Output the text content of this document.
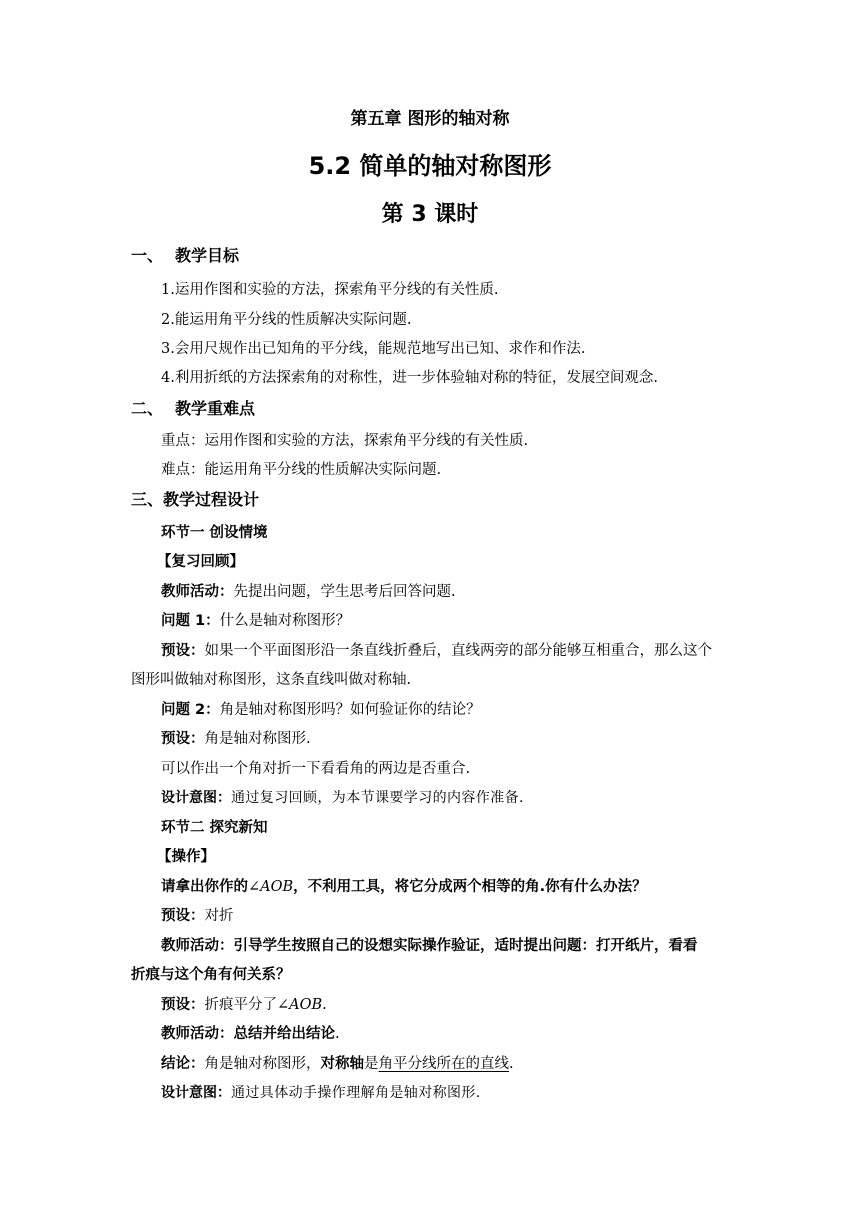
第五章 图形的轴对称
5.2 简单的轴对称图形
第 3 课时
一、 教学目标
1.运用作图和实验的方法，探索角平分线的有关性质.
2.能运用角平分线的性质解决实际问题.
3.会用尺规作出已知角的平分线，能规范地写出已知、求作和作法.
4.利用折纸的方法探索角的对称性，进一步体验轴对称的特征，发展空间观念.
二、 教学重难点
重点：运用作图和实验的方法，探索角平分线的有关性质.
难点：能运用角平分线的性质解决实际问题.
三、教学过程设计
环节一 创设情境
【复习回顾】
教师活动：先提出问题，学生思考后回答问题.
问题 1：什么是轴对称图形？
预设：如果一个平面图形沿一条直线折叠后，直线两旁的部分能够互相重合，那么这个
图形叫做轴对称图形，这条直线叫做对称轴.
问题 2：角是轴对称图形吗？如何验证你的结论？
预设：角是轴对称图形.
可以作出一个角对折一下看看角的两边是否重合.
设计意图：通过复习回顾，为本节课要学习的内容作准备.
环节二 探究新知
【操作】
请拿出你作的∠AOB，不利用工具，将它分成两个相等的角.你有什么办法？
预设：对折
教师活动：引导学生按照自己的设想实际操作验证，适时提出问题：打开纸片，看看
折痕与这个角有何关系？
预设：折痕平分了∠AOB.
教师活动：总结并给出结论.
结论：角是轴对称图形，对称轴是角平分线所在的直线.
设计意图：通过具体动手操作理解角是轴对称图形.
